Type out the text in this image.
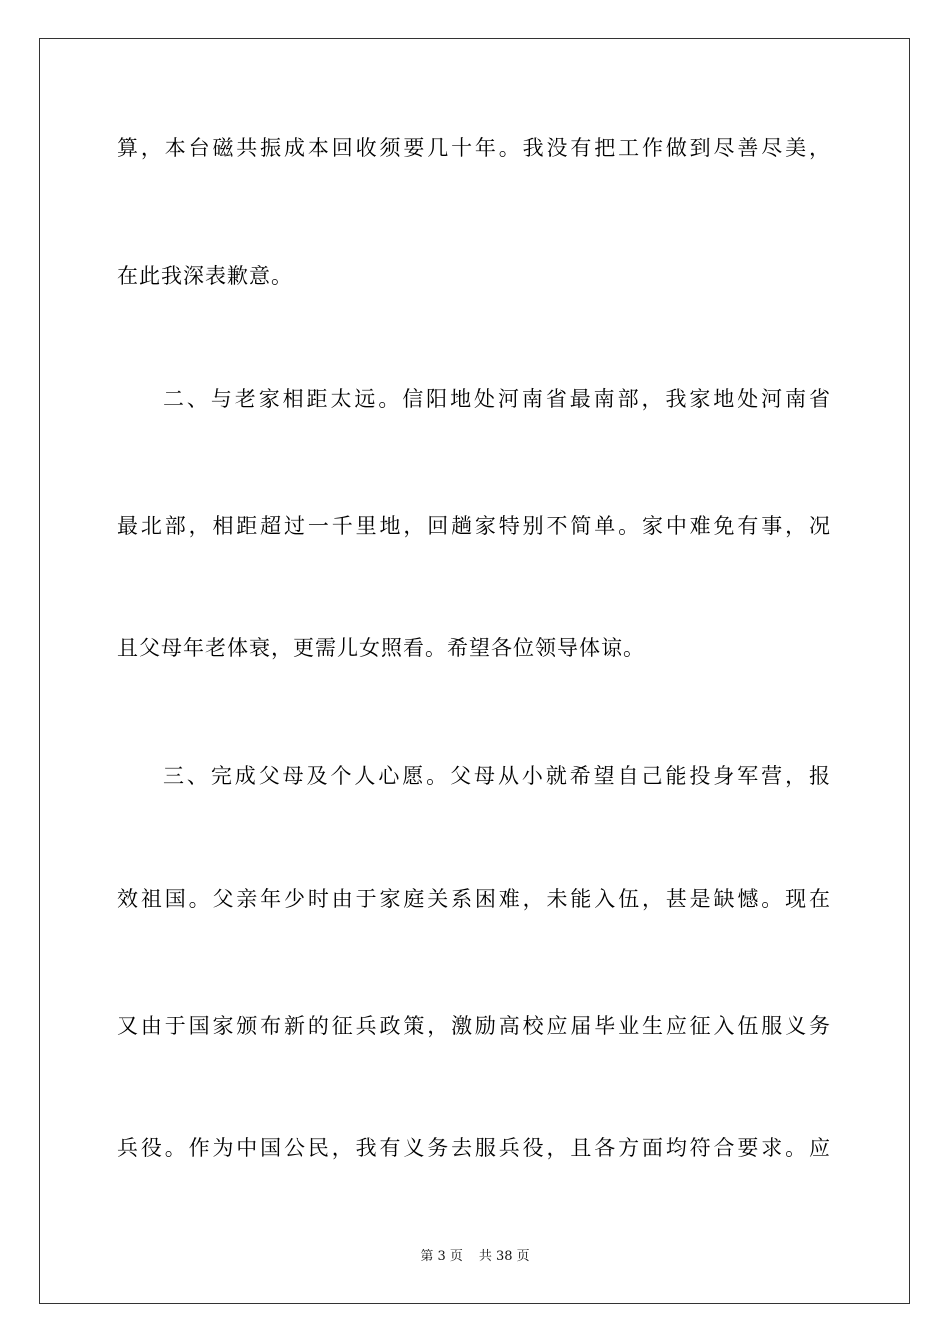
算，本台磁共振成本回收须要几十年。我没有把工作做到尽善尽美，
在此我深表歉意。
二、与老家相距太远。信阳地处河南省最南部，我家地处河南省
最北部，相距超过一千里地，回趟家特别不简单。家中难免有事，况
且父母年老体衰，更需儿女照看。希望各位领导体谅。
三、完成父母及个人心愿。父母从小就希望自己能投身军营，报
效祖国。父亲年少时由于家庭关系困难，未能入伍，甚是缺憾。现在
又由于国家颁布新的征兵政策，激励高校应届毕业生应征入伍服义务
兵役。作为中国公民，我有义务去服兵役，且各方面均符合要求。应
第 3 页 共 38 页
